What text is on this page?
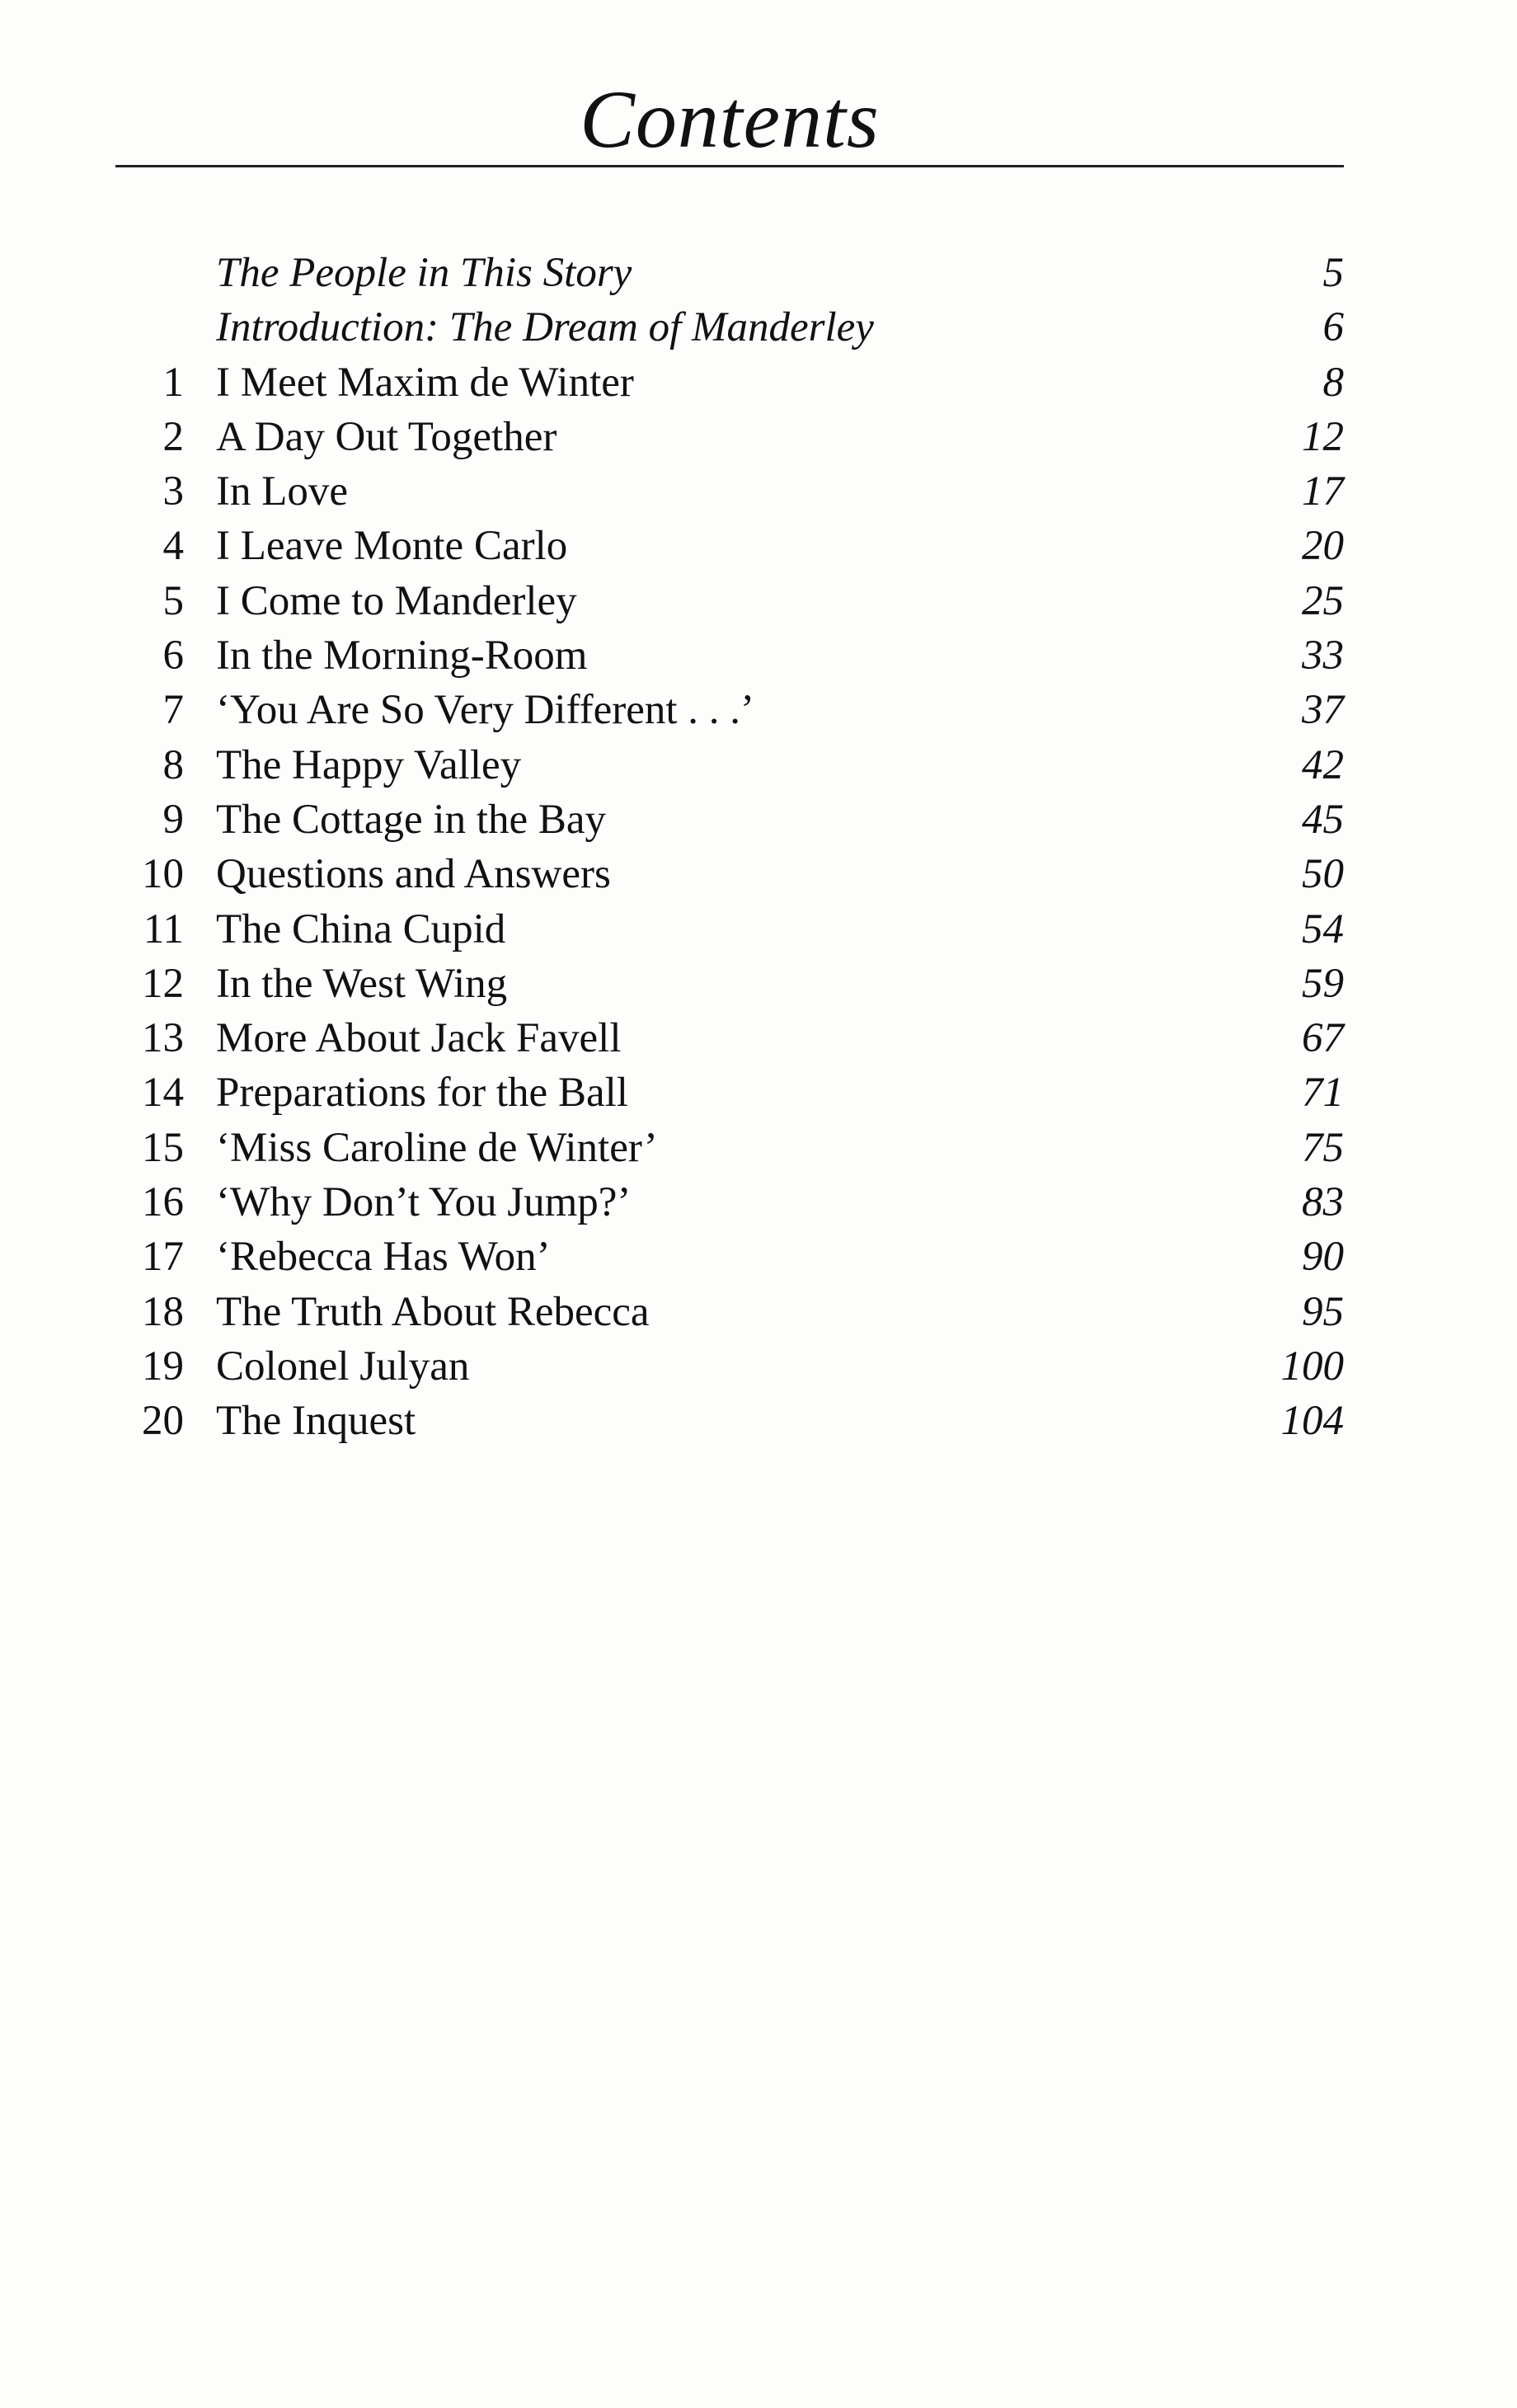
Contents
The People in This Story	5
Introduction: The Dream of Manderley	6
1 I Meet Maxim de Winter	8
2 A Day Out Together	12
3 In Love	17
4 I Leave Monte Carlo	20
5 I Come to Manderley	25
6 In the Morning-Room	33
7 ‘You Are So Very Different . . .’	37
8 The Happy Valley	42
9 The Cottage in the Bay	45
10 Questions and Answers	50
11 The China Cupid	54
12 In the West Wing	59
13 More About Jack Favell	67
14 Preparations for the Ball	71
15 ‘Miss Caroline de Winter’	75
16 ‘Why Don’t You Jump?’	83
17 ‘Rebecca Has Won’	90
18 The Truth About Rebecca	95
19 Colonel Julyan	100
20 The Inquest	104
